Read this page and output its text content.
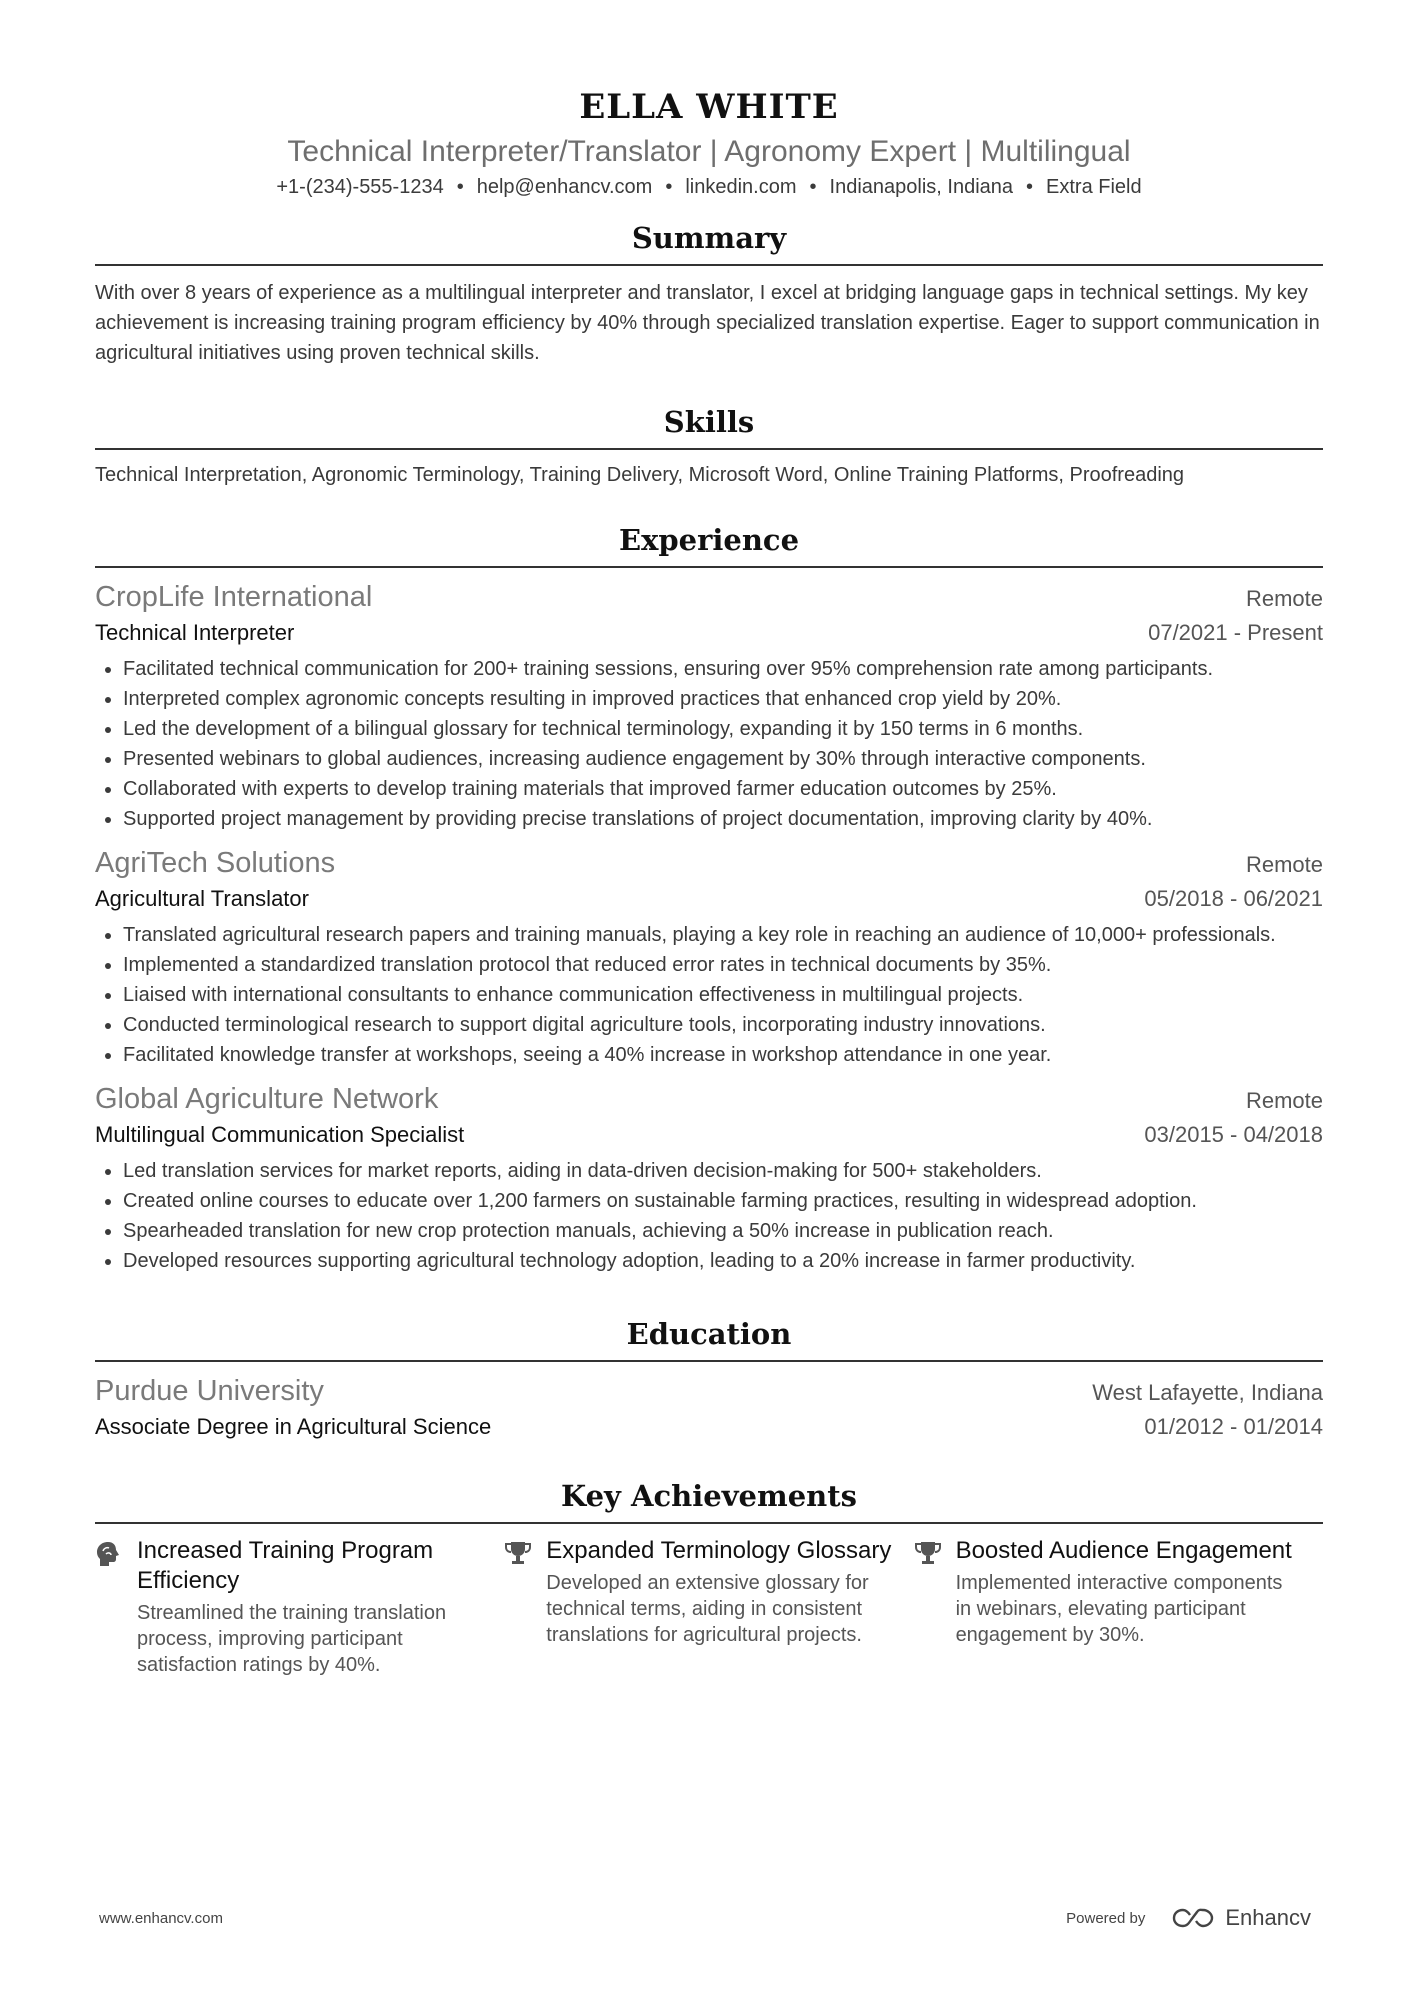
ELLA WHITE
Technical Interpreter/Translator | Agronomy Expert | Multilingual
+1-(234)-555-1234 • help@enhancv.com • linkedin.com • Indianapolis, Indiana • Extra Field
Summary
With over 8 years of experience as a multilingual interpreter and translator, I excel at bridging language gaps in technical settings. My key achievement is increasing training program efficiency by 40% through specialized translation expertise. Eager to support communication in agricultural initiatives using proven technical skills.
Skills
Technical Interpretation, Agronomic Terminology, Training Delivery, Microsoft Word, Online Training Platforms, Proofreading
Experience
CropLife International	Remote
Technical Interpreter	07/2021 - Present
• Facilitated technical communication for 200+ training sessions, ensuring over 95% comprehension rate among participants.
• Interpreted complex agronomic concepts resulting in improved practices that enhanced crop yield by 20%.
• Led the development of a bilingual glossary for technical terminology, expanding it by 150 terms in 6 months.
• Presented webinars to global audiences, increasing audience engagement by 30% through interactive components.
• Collaborated with experts to develop training materials that improved farmer education outcomes by 25%.
• Supported project management by providing precise translations of project documentation, improving clarity by 40%.
AgriTech Solutions	Remote
Agricultural Translator	05/2018 - 06/2021
• Translated agricultural research papers and training manuals, playing a key role in reaching an audience of 10,000+ professionals.
• Implemented a standardized translation protocol that reduced error rates in technical documents by 35%.
• Liaised with international consultants to enhance communication effectiveness in multilingual projects.
• Conducted terminological research to support digital agriculture tools, incorporating industry innovations.
• Facilitated knowledge transfer at workshops, seeing a 40% increase in workshop attendance in one year.
Global Agriculture Network	Remote
Multilingual Communication Specialist	03/2015 - 04/2018
• Led translation services for market reports, aiding in data-driven decision-making for 500+ stakeholders.
• Created online courses to educate over 1,200 farmers on sustainable farming practices, resulting in widespread adoption.
• Spearheaded translation for new crop protection manuals, achieving a 50% increase in publication reach.
• Developed resources supporting agricultural technology adoption, leading to a 20% increase in farmer productivity.
Education
Purdue University	West Lafayette, Indiana
Associate Degree in Agricultural Science	01/2012 - 01/2014
Key Achievements
Increased Training Program Efficiency
Streamlined the training translation process, improving participant satisfaction ratings by 40%.
Expanded Terminology Glossary
Developed an extensive glossary for technical terms, aiding in consistent translations for agricultural projects.
Boosted Audience Engagement
Implemented interactive components in webinars, elevating participant engagement by 30%.
www.enhancv.com	Powered by	Enhancv
